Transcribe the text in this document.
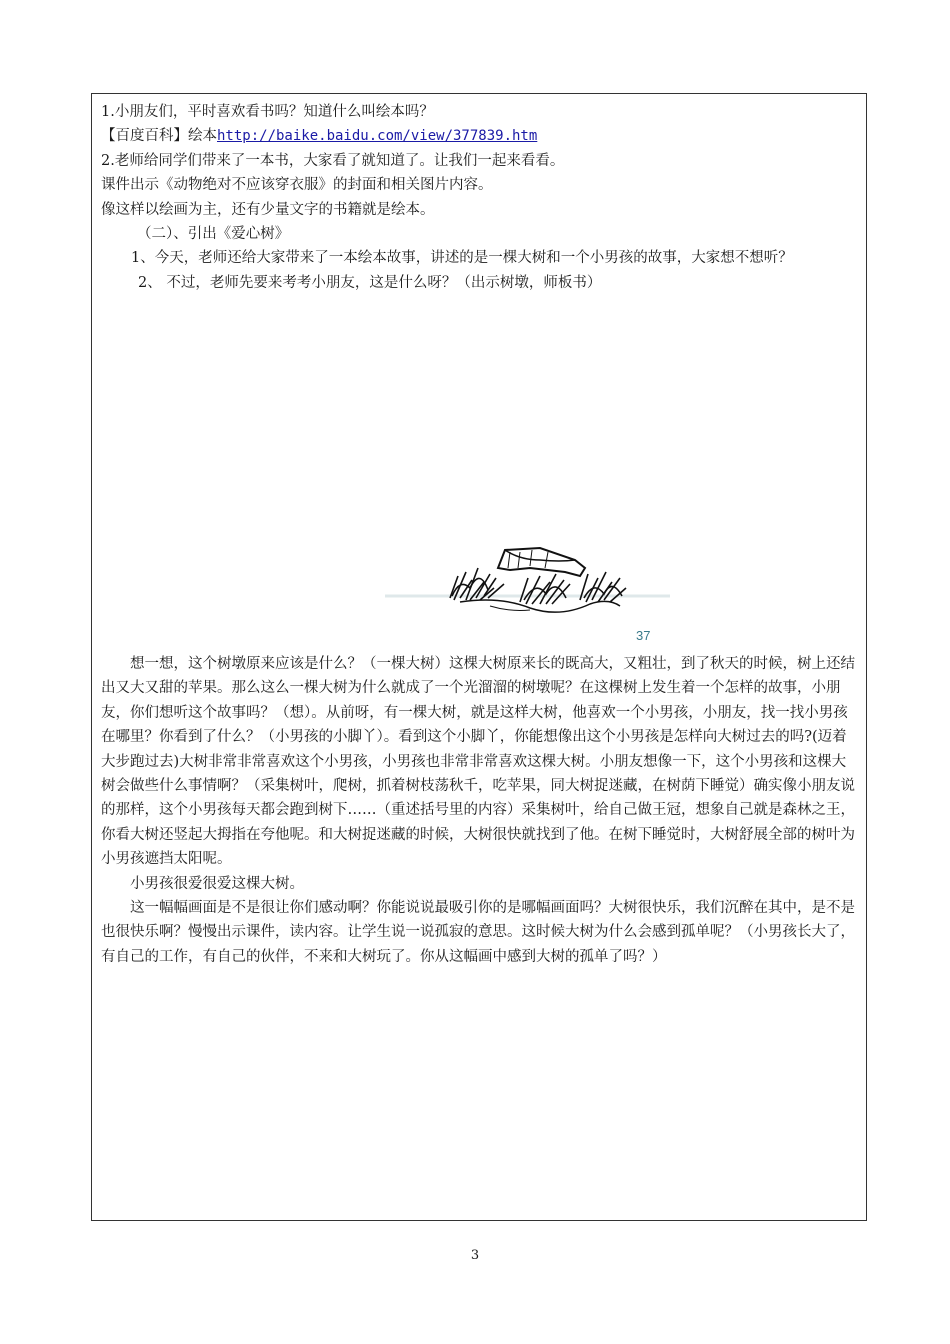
1.小朋友们，平时喜欢看书吗？知道什么叫绘本吗？

【百度百科】绘本http://baike.baidu.com/view/377839.htm

2.老师给同学们带来了一本书，大家看了就知道了。让我们一起来看看。

课件出示《动物绝对不应该穿衣服》的封面和相关图片内容。

像这样以绘画为主，还有少量文字的书籍就是绘本。

（二）、引出《爱心树》

1、今天，老师还给大家带来了一本绘本故事，讲述的是一棵大树和一个小男孩的故事，大家想不想听？

2、 不过，老师先要来考考小朋友，这是什么呀？（出示树墩，师板书）

37

想一想，这个树墩原来应该是什么？（一棵大树）这棵大树原来长的既高大，又粗壮，到了秋天的时候，树上还结出又大又甜的苹果。那么这么一棵大树为什么就成了一个光溜溜的树墩呢？在这棵树上发生着一个怎样的故事，小朋友，你们想听这个故事吗？（想）。从前呀，有一棵大树，就是这样大树，他喜欢一个小男孩，小朋友，找一找小男孩在哪里？你看到了什么？（小男孩的小脚丫）。看到这个小脚丫，你能想像出这个小男孩是怎样向大树过去的吗?(迈着大步跑过去)大树非常非常喜欢这个小男孩，小男孩也非常非常喜欢这棵大树。小朋友想像一下，这个小男孩和这棵大树会做些什么事情啊？（采集树叶，爬树，抓着树枝荡秋千，吃苹果，同大树捉迷藏，在树荫下睡觉）确实像小朋友说的那样，这个小男孩每天都会跑到树下……（重述括号里的内容）采集树叶，给自己做王冠，想象自己就是森林之王，你看大树还竖起大拇指在夸他呢。和大树捉迷藏的时候，大树很快就找到了他。在树下睡觉时，大树舒展全部的树叶为小男孩遮挡太阳呢。

小男孩很爱很爱这棵大树。

这一幅幅画面是不是很让你们感动啊？你能说说最吸引你的是哪幅画面吗？大树很快乐，我们沉醉在其中，是不是也很快乐啊？慢慢出示课件，读内容。让学生说一说孤寂的意思。这时候大树为什么会感到孤单呢？（小男孩长大了，有自己的工作，有自己的伙伴，不来和大树玩了。你从这幅画中感到大树的孤单了吗？）

3
